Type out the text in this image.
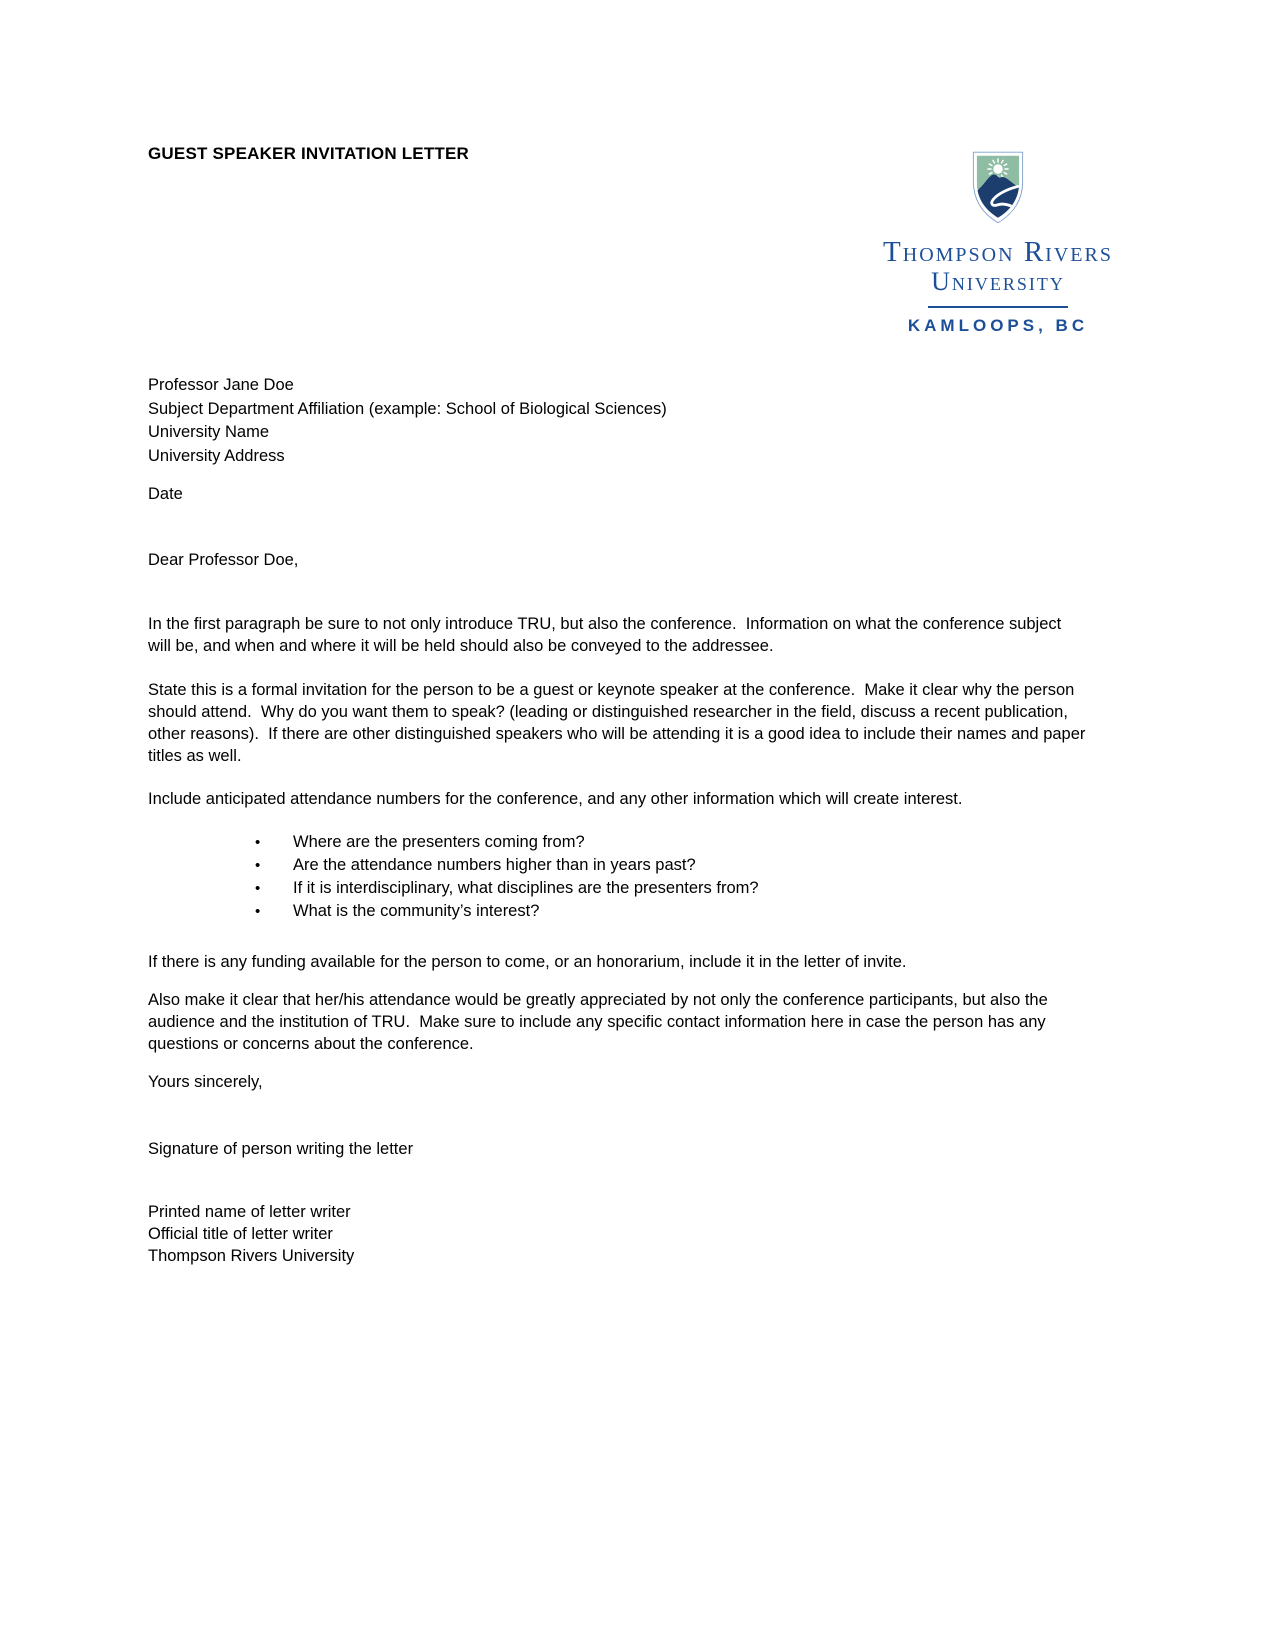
GUEST SPEAKER INVITATION LETTER
Thompson Rivers
University
KAMLOOPS, BC
Professor Jane Doe
Subject Department Affiliation (example: School of Biological Sciences)
University Name
University Address
Date
Dear Professor Doe,

In the first paragraph be sure to not only introduce TRU, but also the conference.  Information on what the conference subject will be, and when and where it will be held should also be conveyed to the addressee.

State this is a formal invitation for the person to be a guest or keynote speaker at the conference.  Make it clear why the person should attend.  Why do you want them to speak? (leading or distinguished researcher in the field, discuss a recent publication, other reasons).  If there are other distinguished speakers who will be attending it is a good idea to include their names and paper titles as well.

Include anticipated attendance numbers for the conference, and any other information which will create interest.

• Where are the presenters coming from?
• Are the attendance numbers higher than in years past?
• If it is interdisciplinary, what disciplines are the presenters from?
• What is the community’s interest?

If there is any funding available for the person to come, or an honorarium, include it in the letter of invite.

Also make it clear that her/his attendance would be greatly appreciated by not only the conference participants, but also the audience and the institution of TRU.  Make sure to include any specific contact information here in case the person has any questions or concerns about the conference.

Yours sincerely,
Signature of person writing the letter
Printed name of letter writer
Official title of letter writer
Thompson Rivers University
